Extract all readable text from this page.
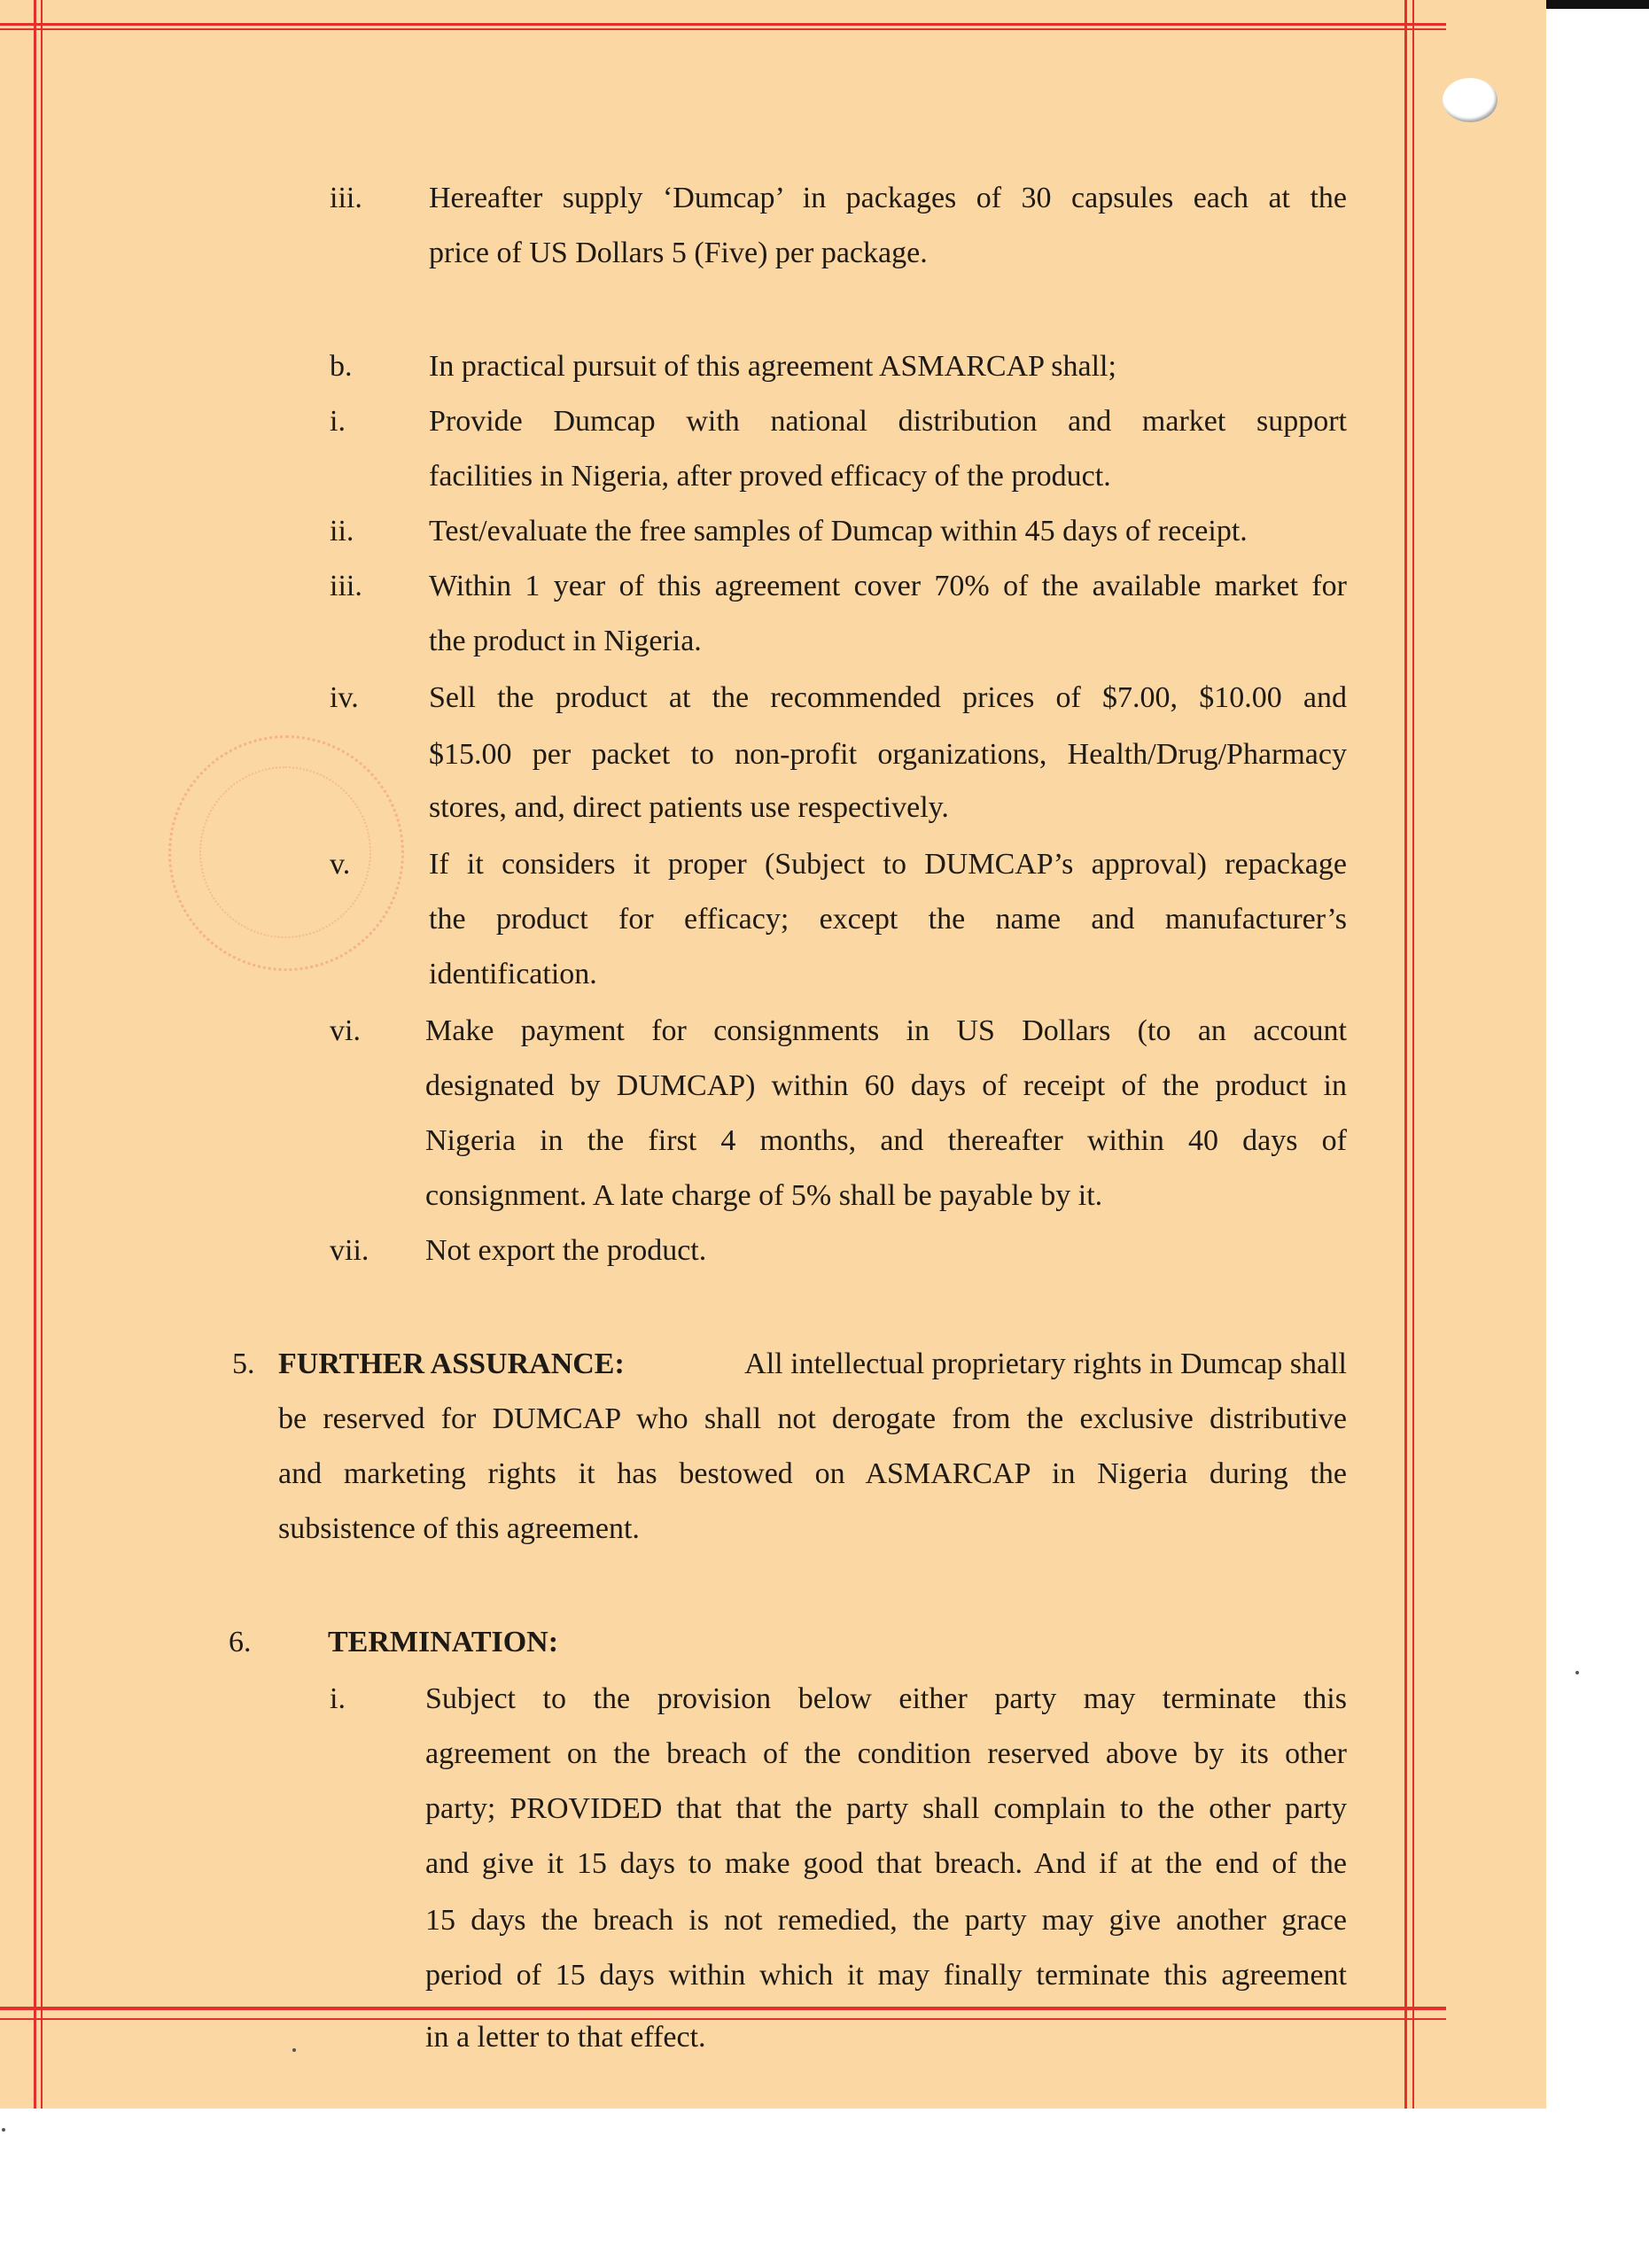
iii. Hereafter supply ‘Dumcap’ in packages of 30 capsules each at the
price of US Dollars 5 (Five) per package.
b.	In practical pursuit of this agreement ASMARCAP shall;
i.	Provide Dumcap with national distribution and market support
facilities in Nigeria, after proved efficacy of the product.
ii. Test/evaluate the free samples of Dumcap within 45 days of receipt.
iii. Within 1 year of this agreement cover 70% of the available market for
the product in Nigeria.
iv. Sell the product at the recommended prices of $7.00, $10.00 and
$15.00 per packet to non-profit organizations, Health/Drug/Pharmacy
stores, and, direct patients use respectively.
v.	If it considers it proper (Subject to DUMCAP’s approval) repackage
the product for efficacy; except the name and manufacturer’s
identification.
vi. Make payment for consignments in US Dollars (to an account
designated by DUMCAP) within 60 days of receipt of the product in
Nigeria in the first 4 months, and thereafter within 40 days of
consignment. A late charge of 5% shall be payable by it.
vii. Not export the product.
5. FURTHER ASSURANCE:	All intellectual proprietary rights in Dumcap shall
be reserved for DUMCAP who shall not derogate from the exclusive distributive
and marketing rights it has bestowed on ASMARCAP in Nigeria during the
subsistence of this agreement.
6.	TERMINATION:
i.	Subject to the provision below either party may terminate this
agreement on the breach of the condition reserved above by its other
party; PROVIDED that that the party shall complain to the other party
and give it 15 days to make good that breach. And if at the end of the
15 days the breach is not remedied, the party may give another grace
period of 15 days within which it may finally terminate this agreement
in a letter to that effect.
